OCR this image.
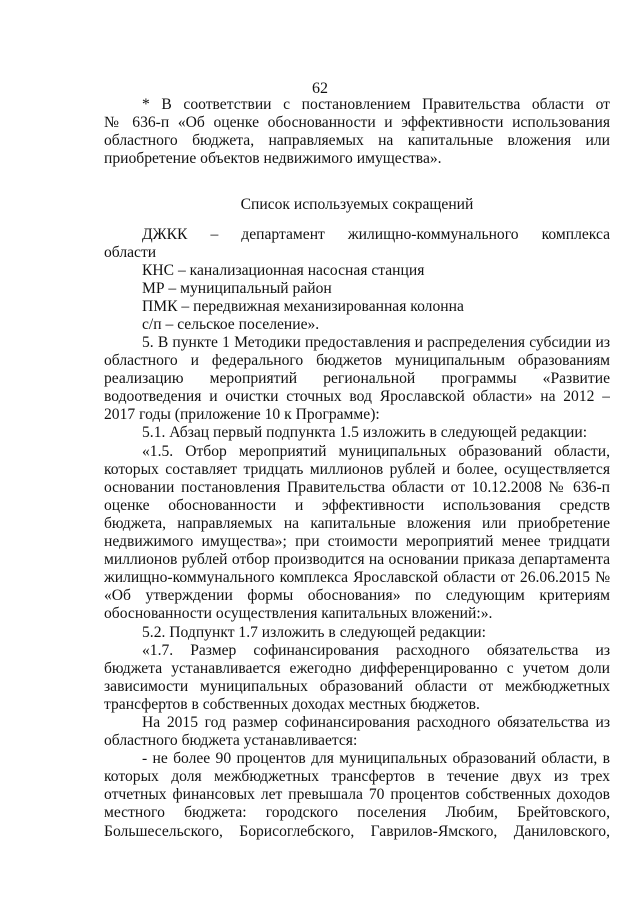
62
* В соответствии с постановлением Правительства области от
№ 636-п «Об оценке обоснованности и эффективности использования
областного бюджета, направляемых на капитальные вложения или
приобретение объектов недвижимого имущества».
Список используемых сокращений
ДЖКК – департамент жилищно-коммунального комплекса
области
КНС – канализационная насосная станция
МР – муниципальный район
ПМК – передвижная механизированная колонна
с/п – сельское поселение».
5. В пункте 1 Методики предоставления и распределения субсидии из
областного и федерального бюджетов муниципальным образованиям
реализацию мероприятий региональной программы «Развитие
водоотведения и очистки сточных вод Ярославской области» на 2012 –
2017 годы (приложение 10 к Программе):
5.1. Абзац первый подпункта 1.5 изложить в следующей редакции:
«1.5. Отбор мероприятий муниципальных образований области,
которых составляет тридцать миллионов рублей и более, осуществляется
основании постановления Правительства области от 10.12.2008 № 636-п
оценке обоснованности и эффективности использования средств
бюджета, направляемых на капитальные вложения или приобретение
недвижимого имущества»; при стоимости мероприятий менее тридцати
миллионов рублей отбор производится на основании приказа департамента
жилищно-коммунального комплекса Ярославской области от 26.06.2015 №
«Об утверждении формы обоснования» по следующим критериям
обоснованности осуществления капитальных вложений:».
5.2. Подпункт 1.7 изложить в следующей редакции:
«1.7. Размер софинансирования расходного обязательства из
бюджета устанавливается ежегодно дифференцированно с учетом доли
зависимости муниципальных образований области от межбюджетных
трансфертов в собственных доходах местных бюджетов.
На 2015 год размер софинансирования расходного обязательства из
областного бюджета устанавливается:
- не более 90 процентов для муниципальных образований области, в
которых доля межбюджетных трансфертов в течение двух из трех
отчетных финансовых лет превышала 70 процентов собственных доходов
местного бюджета: городского поселения Любим, Брейтовского,
Большесельского, Борисоглебского, Гаврилов-Ямского, Даниловского,
